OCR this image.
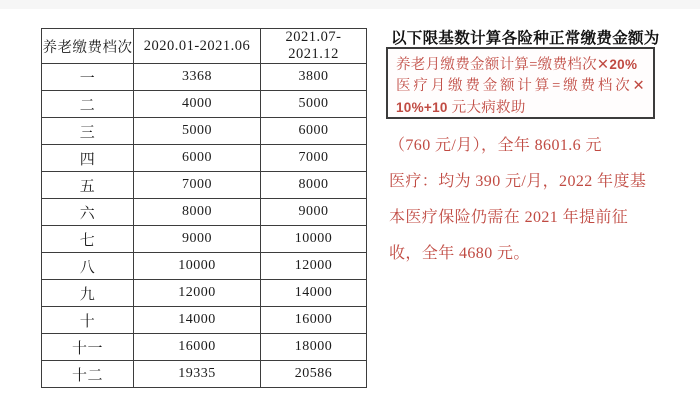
养老缴费档次	2020.01-2021.06	2021.07-2021.12
一	3368	3800
二	4000	5000
三	5000	6000
四	6000	7000
五	7000	8000
六	8000	9000
七	9000	10000
八	10000	12000
九	12000	14000
十	14000	16000
十一	16000	18000
十二	19335	20586
以下限基数计算各险种正常缴费金额为
养老月缴费金额计算=缴费档次✕20%
医疗月缴费金额计算=缴费档次✕
10%+10 元大病救助
（760 元/月），全年 8601.6 元
医疗：均为 390 元/月，2022 年度基
本医疗保险仍需在 2021 年提前征
收，全年 4680 元。
